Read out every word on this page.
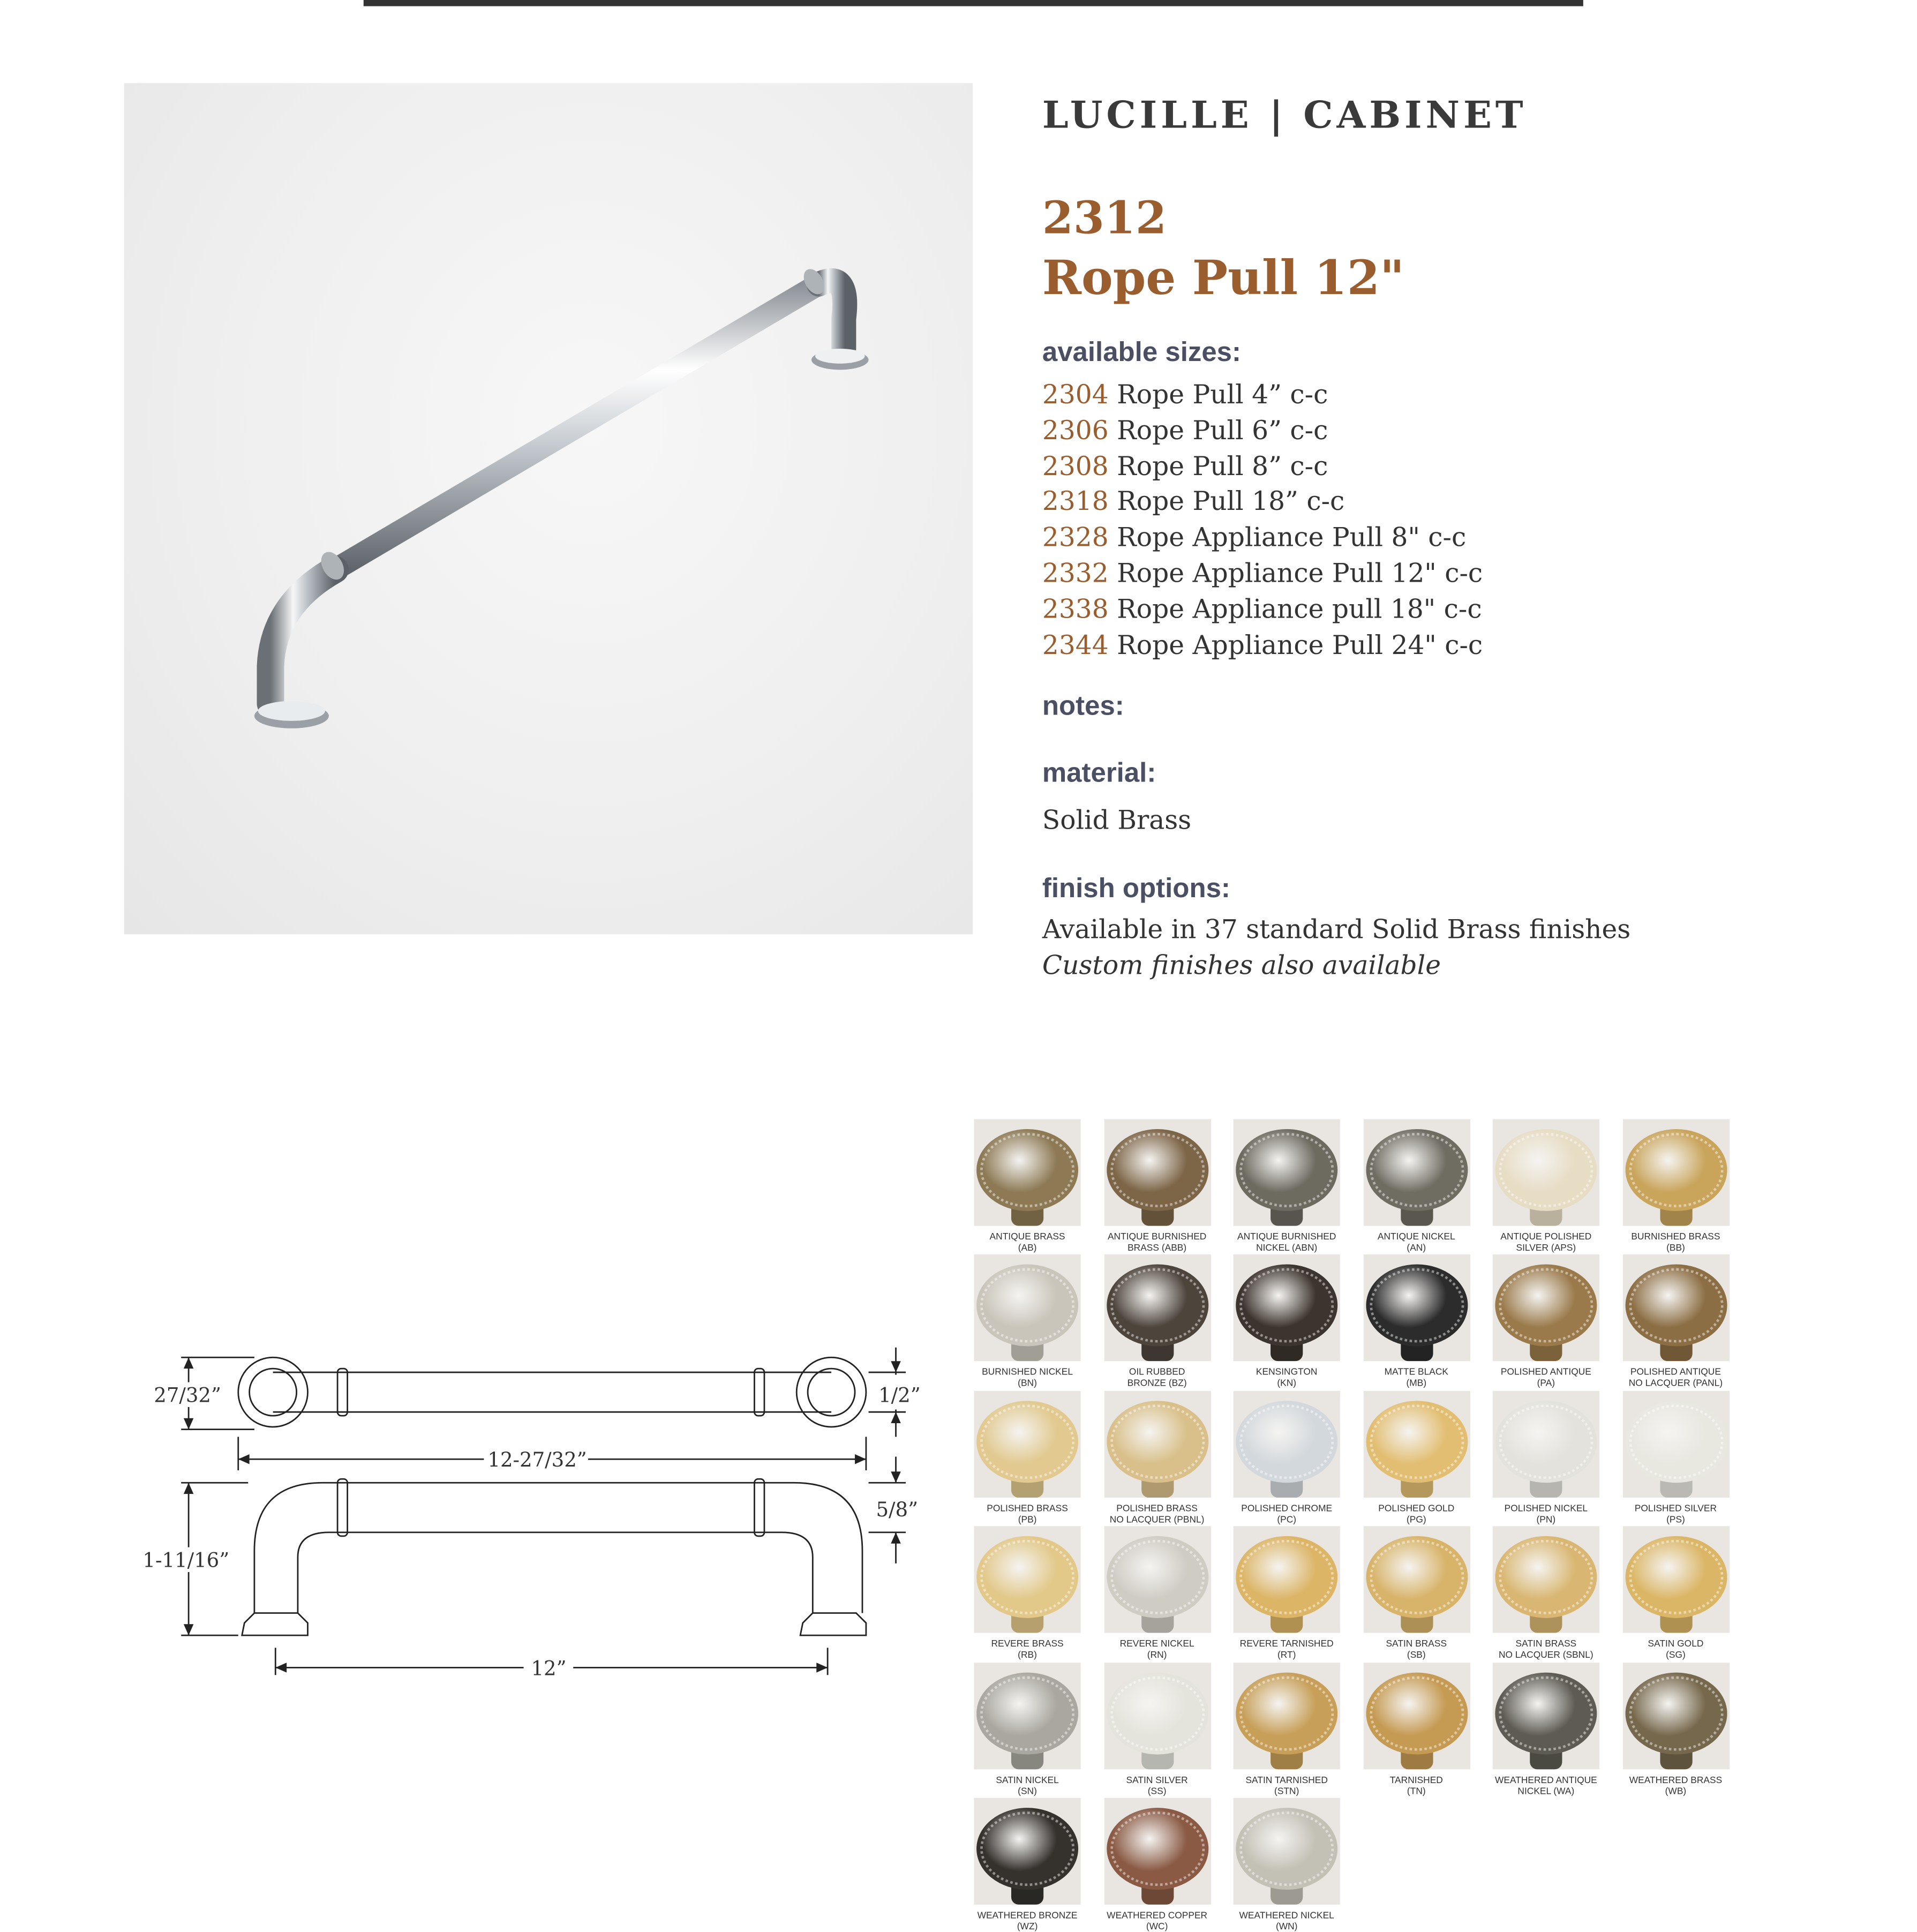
LUCILLE | CABINET
2312
Rope Pull 12"
available sizes:
2304 Rope Pull 4” c-c
2306 Rope Pull 6” c-c
2308 Rope Pull 8” c-c
2318 Rope Pull 18” c-c
2328 Rope Appliance Pull 8" c-c
2332 Rope Appliance Pull 12" c-c
2338 Rope Appliance pull 18" c-c
2344 Rope Appliance Pull 24" c-c
notes:
material:
Solid Brass
finish options:
Available in 37 standard Solid Brass finishes
Custom finishes also available
27/32”	1/2”
12-27/32”
5/8”
1-11/16”
12”
ANTIQUE BRASS
(AB)
ANTIQUE BURNISHED
BRASS (ABB)
ANTIQUE BURNISHED
NICKEL (ABN)
ANTIQUE NICKEL
(AN)
ANTIQUE POLISHED
SILVER (APS)
BURNISHED BRASS
(BB)
BURNISHED NICKEL
(BN)
OIL RUBBED
BRONZE (BZ)
KENSINGTON
(KN)
MATTE BLACK
(MB)
POLISHED ANTIQUE
(PA)
POLISHED ANTIQUE
NO LACQUER (PANL)
POLISHED BRASS
(PB)
POLISHED BRASS
NO LACQUER (PBNL)
POLISHED CHROME
(PC)
POLISHED GOLD
(PG)
POLISHED NICKEL
(PN)
POLISHED SILVER
(PS)
REVERE BRASS
(RB)
REVERE NICKEL
(RN)
REVERE TARNISHED
(RT)
SATIN BRASS
(SB)
SATIN BRASS
NO LACQUER (SBNL)
SATIN GOLD
(SG)
SATIN NICKEL
(SN)
SATIN SILVER
(SS)
SATIN TARNISHED
(STN)
TARNISHED
(TN)
WEATHERED ANTIQUE
NICKEL (WA)
WEATHERED BRASS
(WB)
WEATHERED BRONZE
(WZ)
WEATHERED COPPER
(WC)
WEATHERED NICKEL
(WN)
